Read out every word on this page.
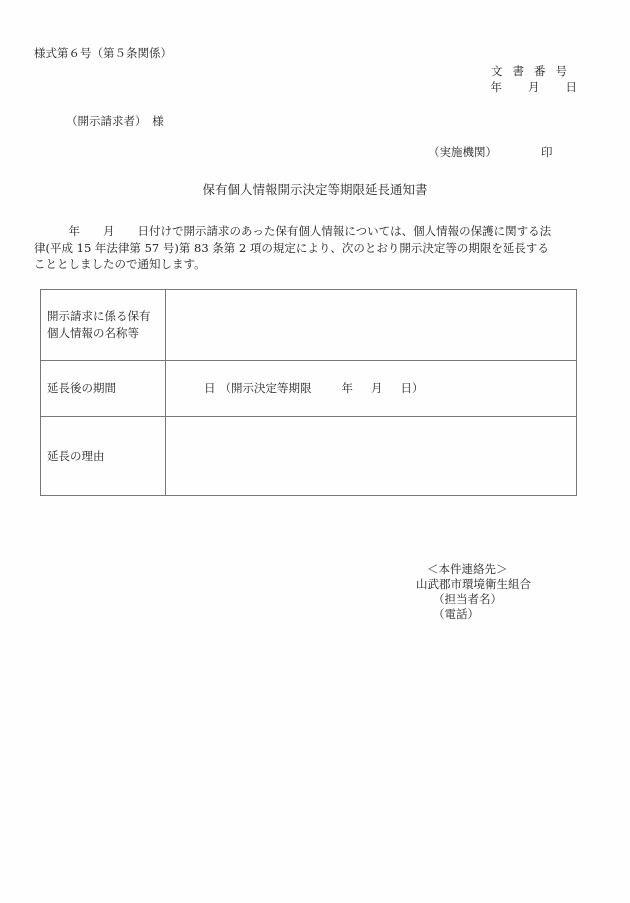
様式第６号（第５条関係）
文書番号
年 月 日
（開示請求者）　様
（実施機関）	印
保有個人情報開示決定等期限延長通知書
　　　年　　月　　日付けで開示請求のあった保有個人情報については、個人情報の保護に関する法
律(平成 15 年法律第 57 号)第 83 条第 2 項の規定により、次のとおり開示決定等の期限を延長する
こととしましたので通知します。
開示請求に係る保有
個人情報の名称等	

延長後の期間	日 （開示決定等期限 年 月 日）
延長の理由	
＜本件連絡先＞
山武郡市環境衛生組合
（担当者名）
（電話）
